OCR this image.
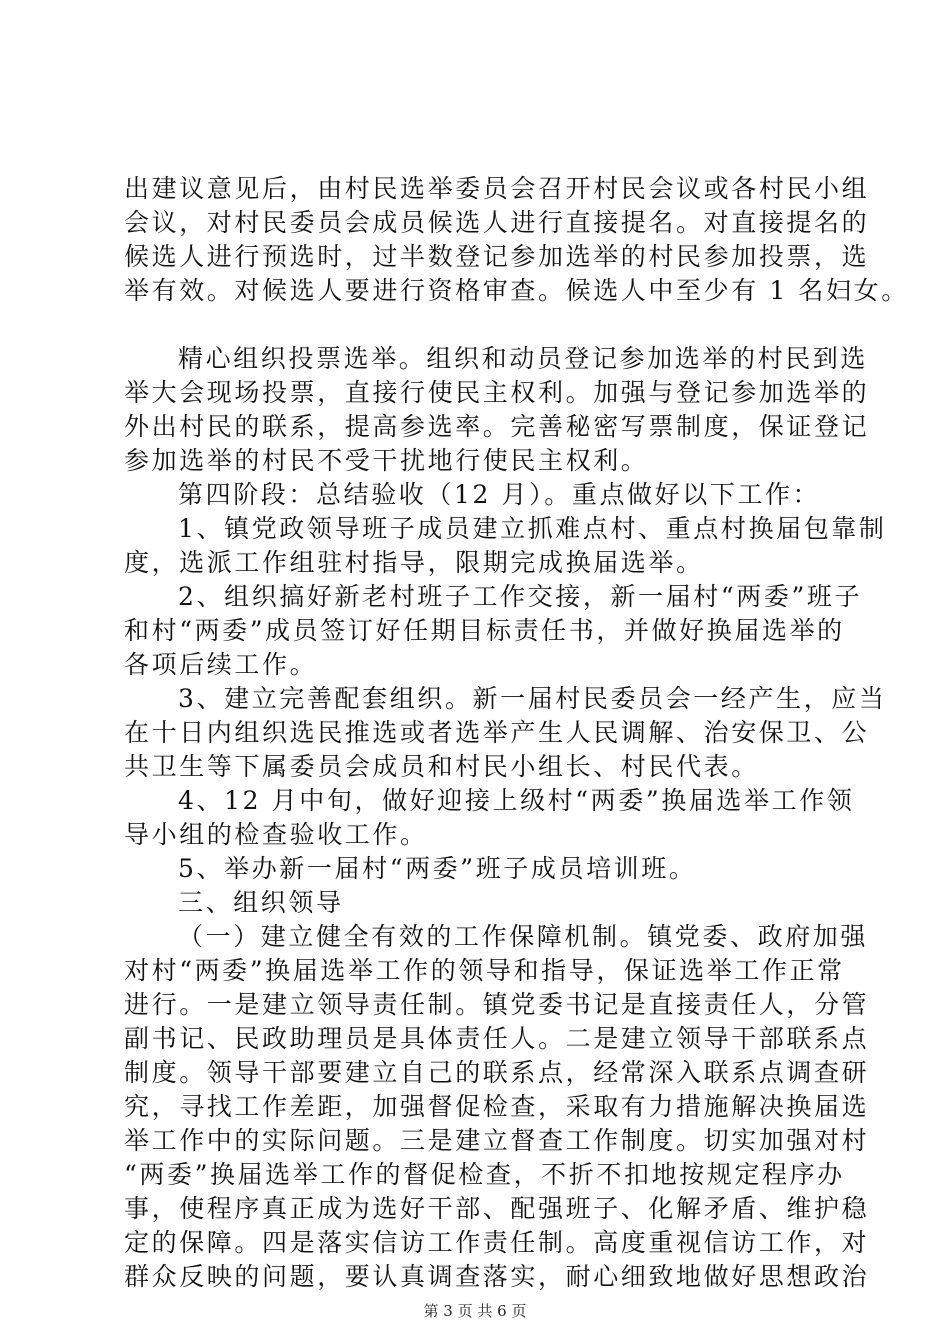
出建议意见后，由村民选举委员会召开村民会议或各村民小组

会议，对村民委员会成员候选人进行直接提名。对直接提名的

候选人进行预选时，过半数登记参加选举的村民参加投票，选

举有效。对候选人要进行资格审查。候选人中至少有 1 名妇女。

精心组织投票选举。组织和动员登记参加选举的村民到选

举大会现场投票，直接行使民主权利。加强与登记参加选举的

外出村民的联系，提高参选率。完善秘密写票制度，保证登记

参加选举的村民不受干扰地行使民主权利。

第四阶段：总结验收（12 月）。重点做好以下工作：

1、镇党政领导班子成员建立抓难点村、重点村换届包靠制

度，选派工作组驻村指导，限期完成换届选举。

2、组织搞好新老村班子工作交接，新一届村“两委”班子

和村“两委”成员签订好任期目标责任书，并做好换届选举的

各项后续工作。

3、建立完善配套组织。新一届村民委员会一经产生，应当

在十日内组织选民推选或者选举产生人民调解、治安保卫、公

共卫生等下属委员会成员和村民小组长、村民代表。

4、12 月中旬，做好迎接上级村“两委”换届选举工作领

导小组的检查验收工作。

5、举办新一届村“两委”班子成员培训班。

三、组织领导

（一）建立健全有效的工作保障机制。镇党委、政府加强

对村“两委”换届选举工作的领导和指导，保证选举工作正常

进行。一是建立领导责任制。镇党委书记是直接责任人，分管

副书记、民政助理员是具体责任人。二是建立领导干部联系点

制度。领导干部要建立自己的联系点，经常深入联系点调查研

究，寻找工作差距，加强督促检查，采取有力措施解决换届选

举工作中的实际问题。三是建立督查工作制度。切实加强对村

“两委”换届选举工作的督促检查，不折不扣地按规定程序办

事，使程序真正成为选好干部、配强班子、化解矛盾、维护稳

定的保障。四是落实信访工作责任制。高度重视信访工作，对

群众反映的问题，要认真调查落实，耐心细致地做好思想政治

第 3 页 共 6 页
